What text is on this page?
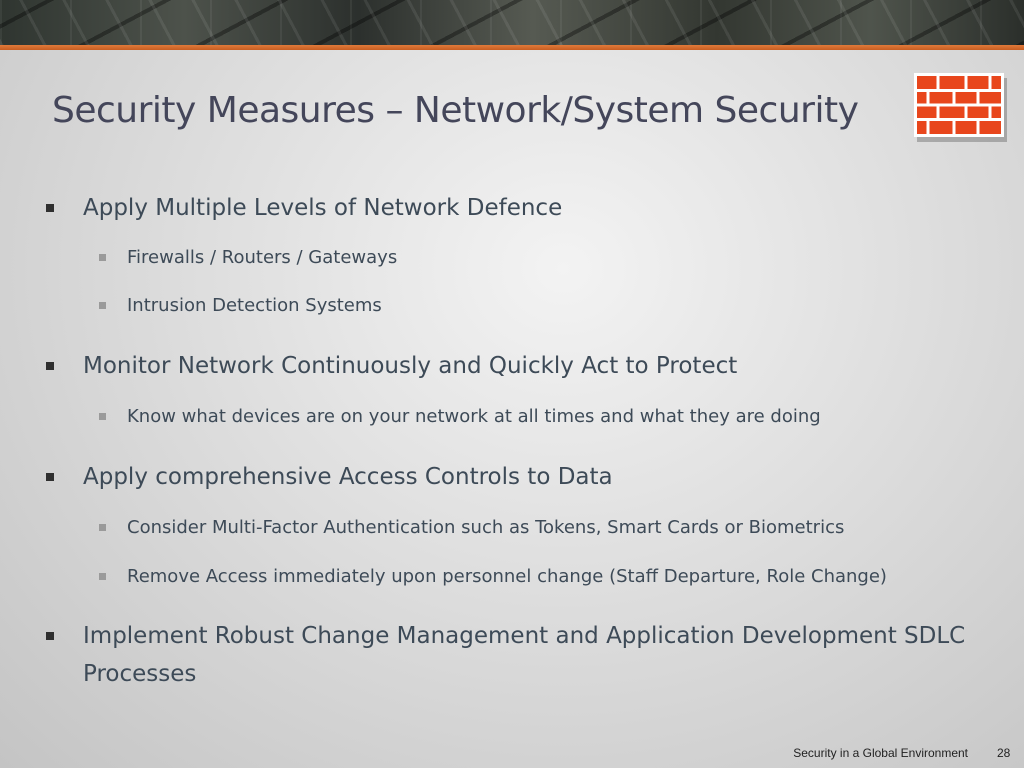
Security Measures – Network/System Security
Apply Multiple Levels of Network Defence
Firewalls / Routers / Gateways
Intrusion Detection Systems
Monitor Network Continuously and Quickly Act to Protect
Know what devices are on your network at all times and what they are doing
Apply comprehensive Access Controls to Data
Consider Multi-Factor Authentication such as Tokens, Smart Cards or Biometrics
Remove Access immediately upon personnel change (Staff Departure, Role Change)
Implement Robust Change Management and Application Development SDLC Processes
Security in a Global Environment 28
